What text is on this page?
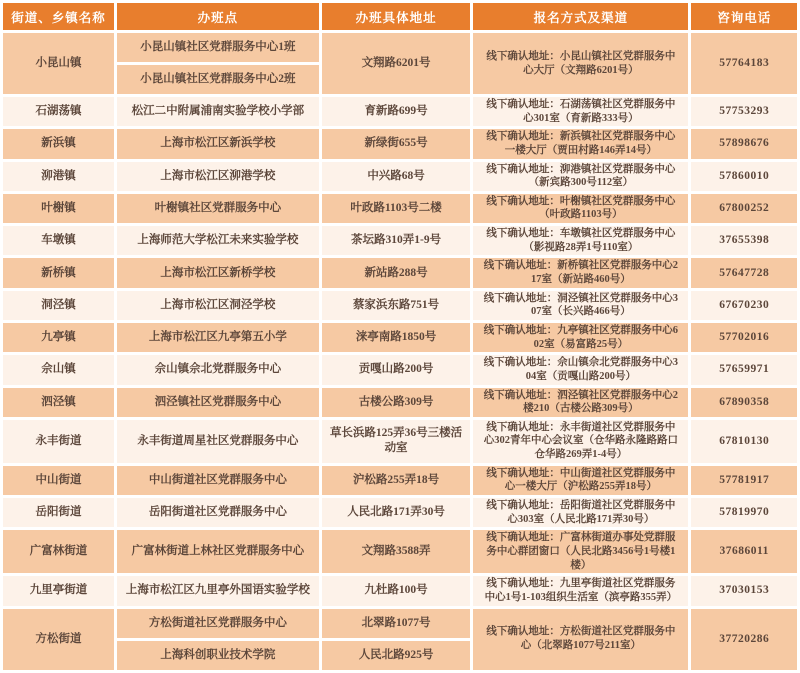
街道、乡镇名称	办班点	办班具体地址	报名方式及渠道	咨询电话
小昆山镇	小昆山镇社区党群服务中心1班	文翔路6201号	线下确认地址：小昆山镇社区党群服务中心大厅（文翔路6201号）	57764183
	小昆山镇社区党群服务中心2班			
石湖荡镇	松江二中附属浦南实验学校小学部	育新路699号	线下确认地址：石湖荡镇社区党群服务中心301室（育新路333号）	57753293
新浜镇	上海市松江区新浜学校	新绿街655号	线下确认地址：新浜镇社区党群服务中心一楼大厅（贾田村路146弄14号）	57898676
泖港镇	上海市松江区泖港学校	中兴路68号	线下确认地址：泖港镇社区党群服务中心（新宾路300号112室）	57860010
叶榭镇	叶榭镇社区党群服务中心	叶政路1103号二楼	线下确认地址：叶榭镇社区党群服务中心（叶政路1103号）	67800252
车墩镇	上海师范大学松江未来实验学校	茶坛路310弄1-9号	线下确认地址：车墩镇社区党群服务中心（影视路28弄1号110室）	37655398
新桥镇	上海市松江区新桥学校	新站路288号	线下确认地址：新桥镇社区党群服务中心217室（新站路460号）	57647728
洞泾镇	上海市松江区洞泾学校	蔡家浜东路751号	线下确认地址：洞泾镇社区党群服务中心307室（长兴路466号）	67670230
九亭镇	上海市松江区九亭第五小学	涞亭南路1850号	线下确认地址：九亭镇社区党群服务中心602室（易富路25号）	57702016
佘山镇	佘山镇佘北党群服务中心	贡嘎山路200号	线下确认地址：佘山镇佘北党群服务中心304室（贡嘎山路200号）	57659971
泗泾镇	泗泾镇社区党群服务中心	古楼公路309号	线下确认地址：泗泾镇社区党群服务中心2楼210（古楼公路309号）	67890358
永丰街道	永丰街道周星社区党群服务中心	草长浜路125弄36号三楼活动室	线下确认地址：永丰街道社区党群服务中心302青年中心会议室（仓华路永隆路路口仓华路269弄1-4号）	67810130
中山街道	中山街道社区党群服务中心	沪松路255弄18号	线下确认地址：中山街道社区党群服务中心一楼大厅（沪松路255弄18号）	57781917
岳阳街道	岳阳街道社区党群服务中心	人民北路171弄30号	线下确认地址：岳阳街道社区党群服务中心303室（人民北路171弄30号）	57819970
广富林街道	广富林街道上林社区党群服务中心	文翔路3588弄	线下确认地址：广富林街道办事处党群服务中心群团窗口（人民北路3456号1号楼1楼）	37686011
九里亭街道	上海市松江区九里亭外国语实验学校	九杜路100号	线下确认地址：九里亭街道社区党群服务中心1号1-103组织生活室（滨亭路355弄）	37030153
方松街道	方松街道社区党群服务中心	北翠路1077号	线下确认地址：方松街道社区党群服务中心（北翠路1077号211室）	37720286
	上海科创职业技术学院	人民北路925号		
